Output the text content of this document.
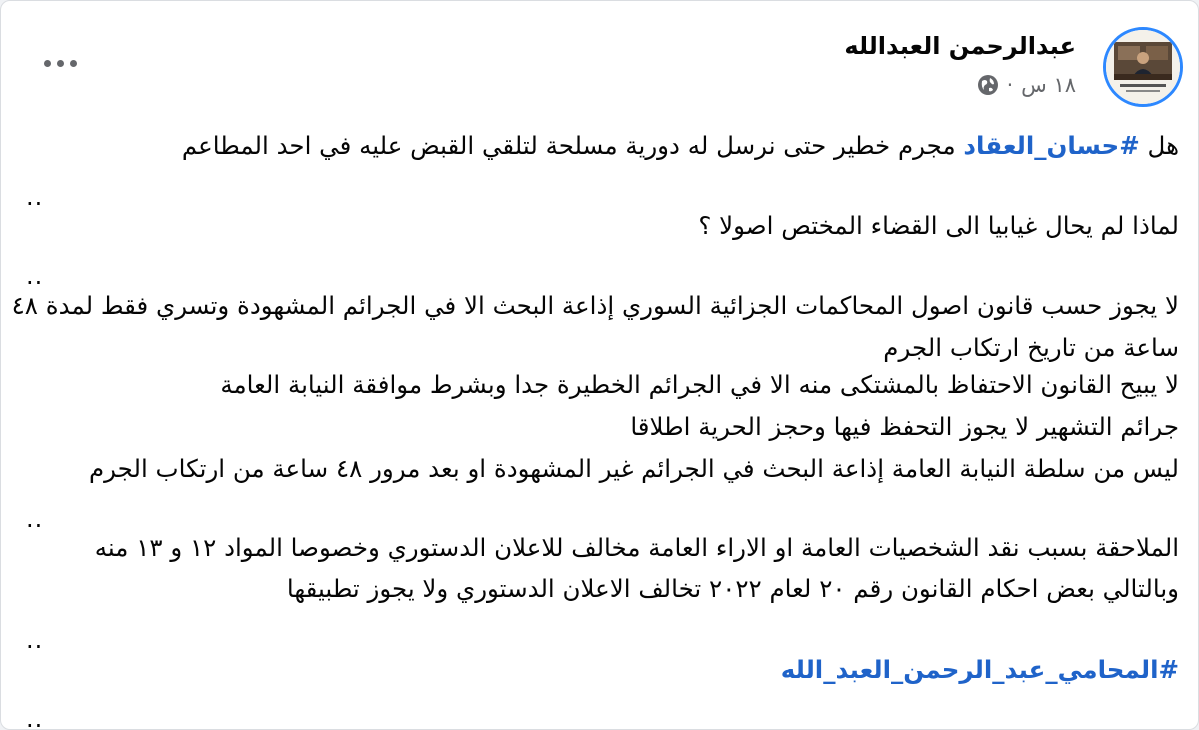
عبدالرحمن العبدالله
١٨ س
·
هل #حسان_العقاد مجرم خطير حتى نرسل له دورية مسلحة لتلقي القبض عليه في احد المطاعم
..
لماذا لم يحال غيابيا الى القضاء المختص اصولا ؟
..
لا يجوز حسب قانون اصول المحاكمات الجزائية السوري إذاعة البحث الا في الجرائم المشهودة وتسري فقط لمدة ٤٨
ساعة من تاريخ ارتكاب الجرم
لا يبيح القانون الاحتفاظ بالمشتكى منه الا في الجرائم الخطيرة جدا وبشرط موافقة النيابة العامة
جرائم التشهير لا يجوز التحفظ فيها وحجز الحرية اطلاقا
ليس من سلطة النيابة العامة إذاعة البحث في الجرائم غير المشهودة او بعد مرور ٤٨ ساعة من ارتكاب الجرم
..
الملاحقة بسبب نقد الشخصيات العامة او الاراء العامة مخالف للاعلان الدستوري وخصوصا المواد ١٢ و ١٣ منه
وبالتالي بعض احكام القانون رقم ٢٠ لعام ٢٠٢٢ تخالف الاعلان الدستوري ولا يجوز تطبيقها
..
#المحامي_عبد_الرحمن_العبد_الله
..
